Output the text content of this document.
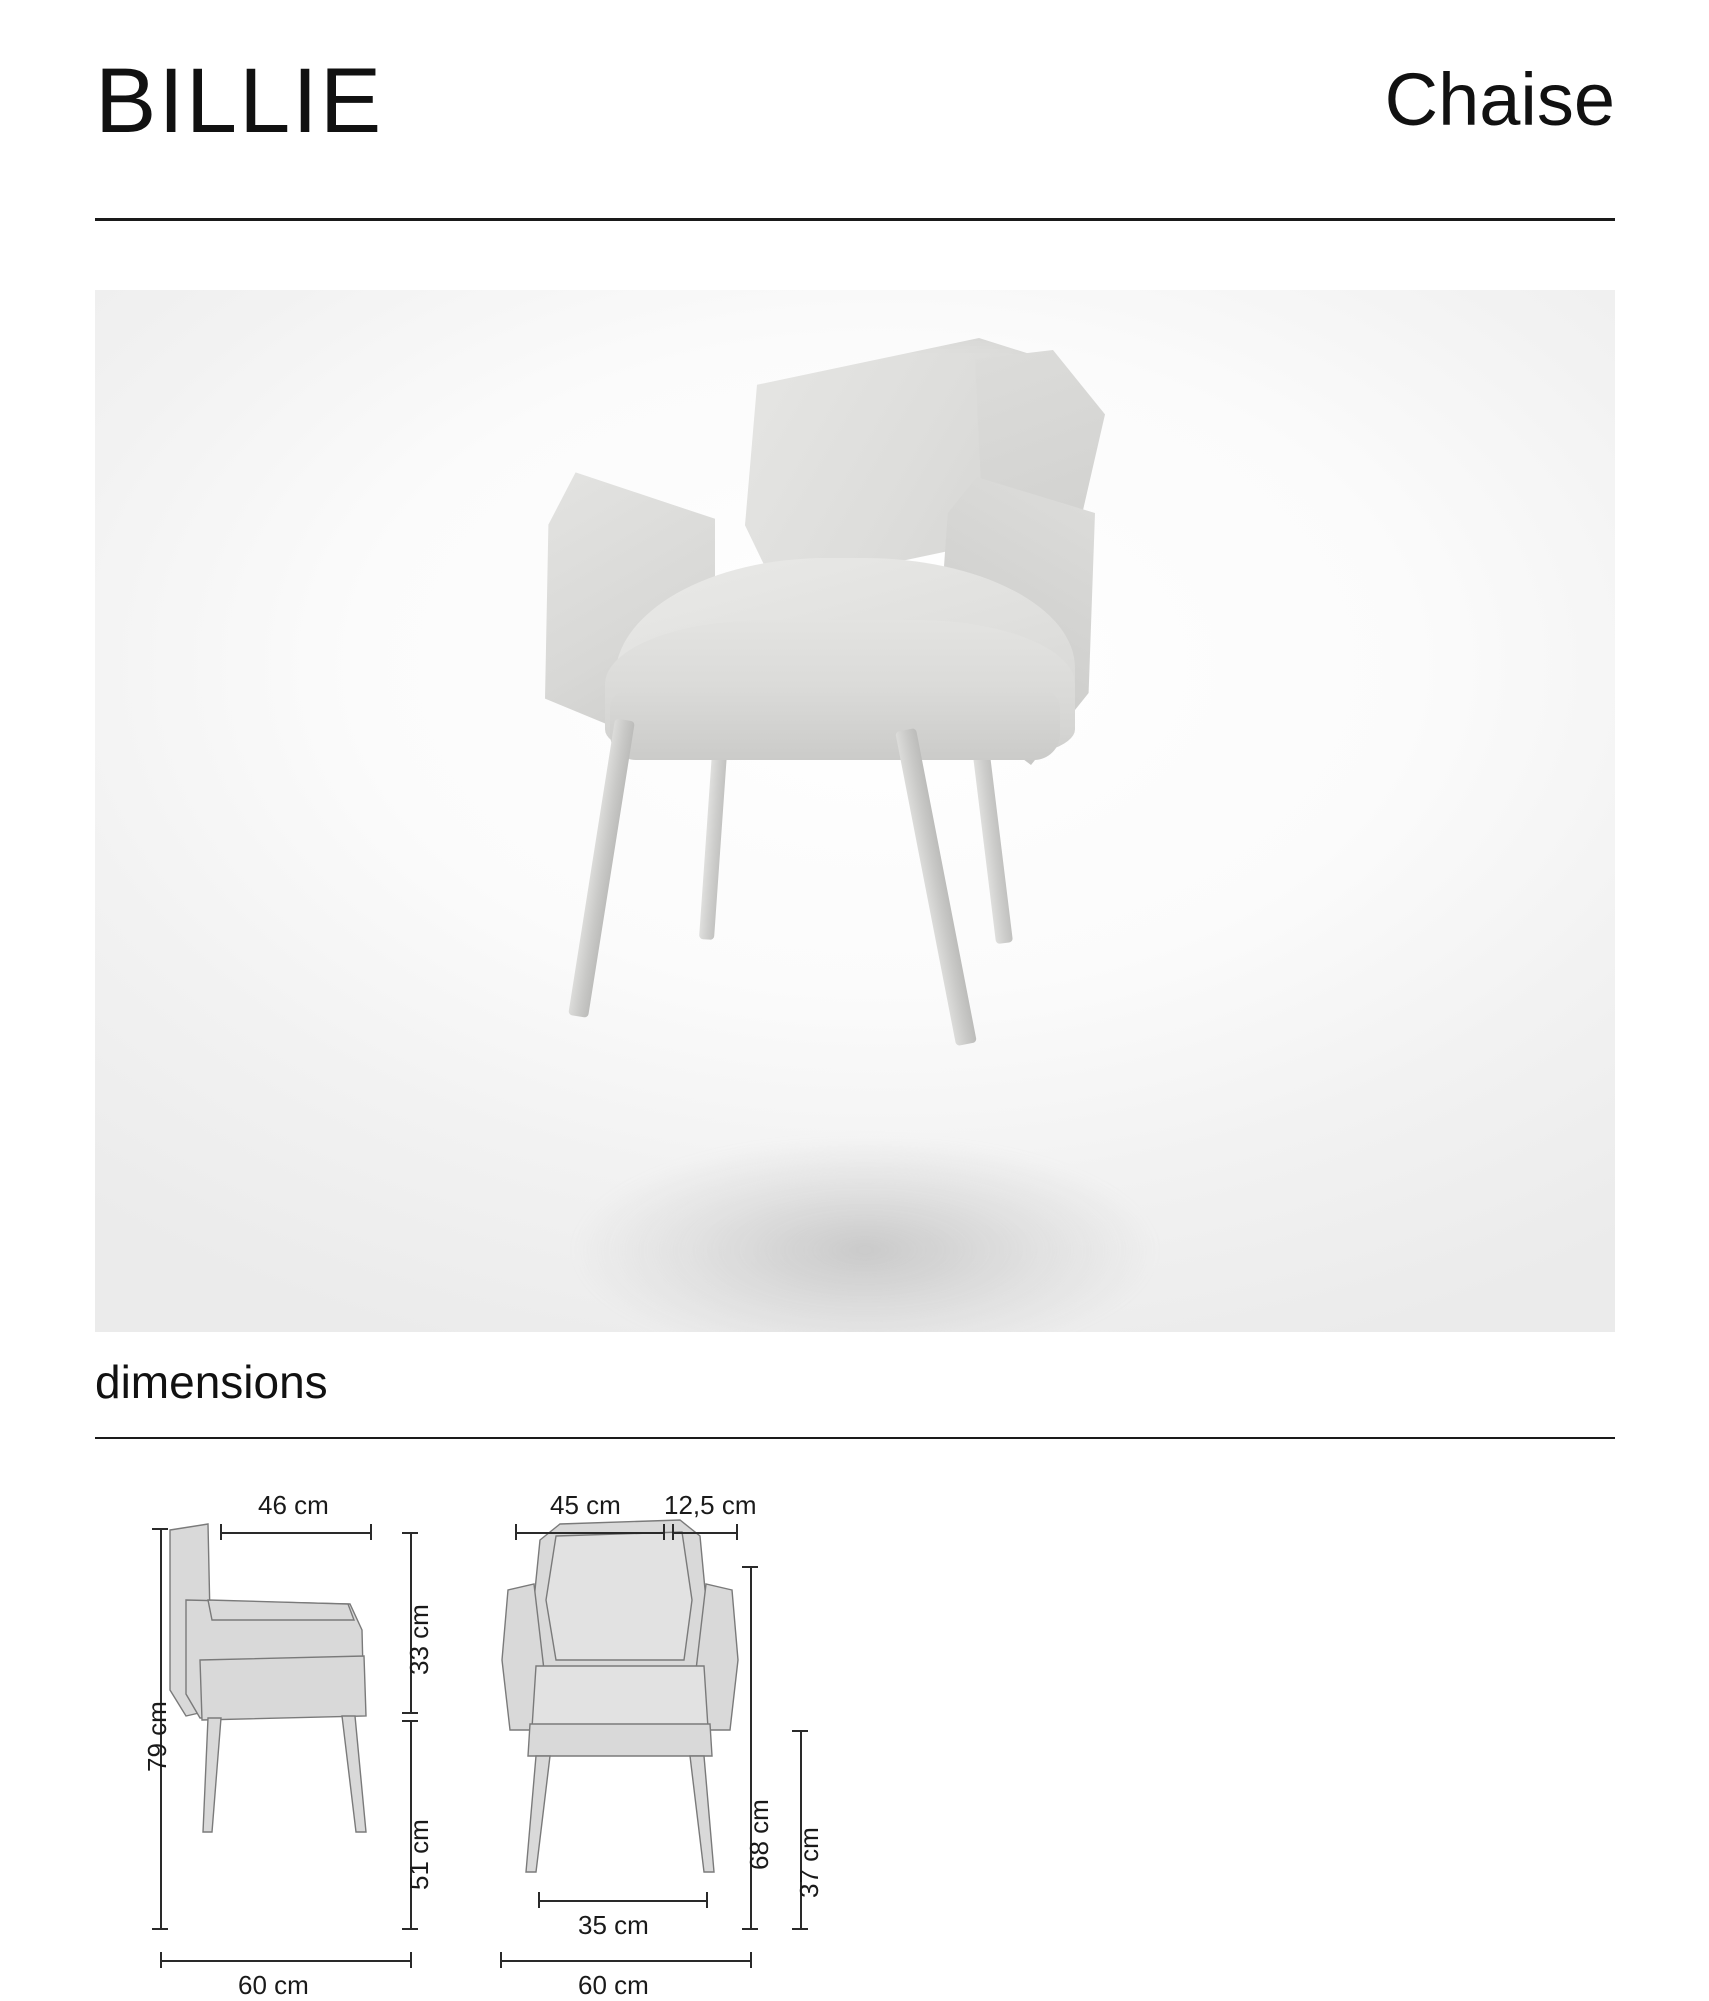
BILLIE	Chaise
dimensions
46 cm
79 cm
33 cm
51 cm
60 cm
45 cm 12,5 cm
68 cm 37 cm
35 cm
60 cm
